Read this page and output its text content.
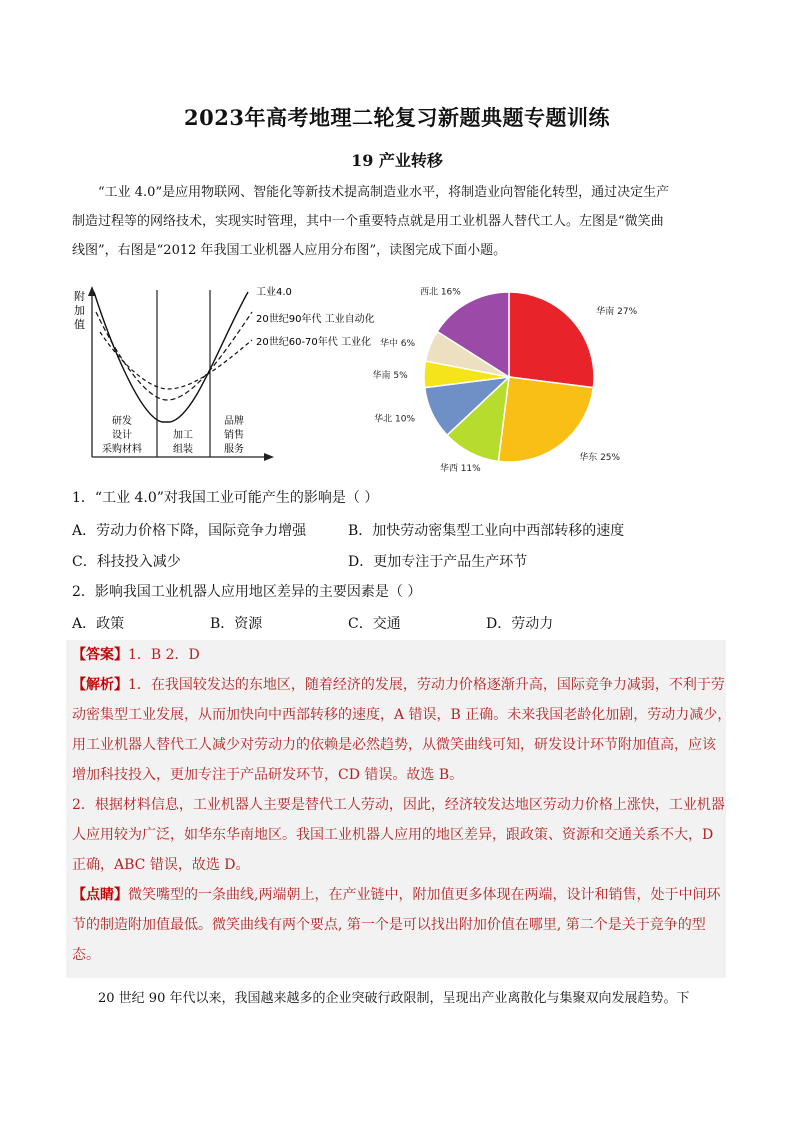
2023年高考地理二轮复习新题典题专题训练
19 产业转移

“工业 4.0”是应用物联网、智能化等新技术提高制造业水平，将制造业向智能化转型，通过决定生产

制造过程等的网络技术，实现实时管理，其中一个重要特点就是用工业机器人替代工人。左图是“微笑曲

线图”，右图是“2012 年我国工业机器人应用分布图”，读图完成下面小题。

附
加
值
研发
设计
采购材料
加工
组装
品牌
销售
服务
工业4.0
20世纪90年代 工业自动化
20世纪60-70年代 工业化
华南 27%
华东 25%
华西 11%
华北 10%
华南 5%
华中 6%
西北 16%
1．“工业 4.0”对我国工业可能产生的影响是（ ）
A．劳动力价格下降，国际竞争力增强	B．加快劳动密集型工业向中西部转移的速度
C．科技投入减少	D．更加专注于产品生产环节
2．影响我国工业机器人应用地区差异的主要因素是（ ）
A．政策	B．资源	C．交通	D．劳动力

【答案】1．B 2．D

【解析】1．在我国较发达的东地区，随着经济的发展，劳动力价格逐渐升高，国际竞争力减弱，不利于劳

动密集型工业发展，从而加快向中西部转移的速度，A 错误，B 正确。未来我国老龄化加剧，劳动力减少，

用工业机器人替代工人减少对劳动力的依赖是必然趋势，从微笑曲线可知，研发设计环节附加值高，应该

增加科技投入，更加专注于产品研发环节，CD 错误。故选 B。

2．根据材料信息，工业机器人主要是替代工人劳动，因此，经济较发达地区劳动力价格上涨快，工业机器

人应用较为广泛，如华东华南地区。我国工业机器人应用的地区差异，跟政策、资源和交通关系不大，D

正确，ABC 错误，故选 D。

【点睛】微笑嘴型的一条曲线,两端朝上，在产业链中，附加值更多体现在两端，设计和销售，处于中间环

节的制造附加值最低。微笑曲线有两个要点, 第一个是可以找出附加价值在哪里, 第二个是关于竞争的型

态。

20 世纪 90 年代以来，我国越来越多的企业突破行政限制，呈现出产业离散化与集聚双向发展趋势。下
